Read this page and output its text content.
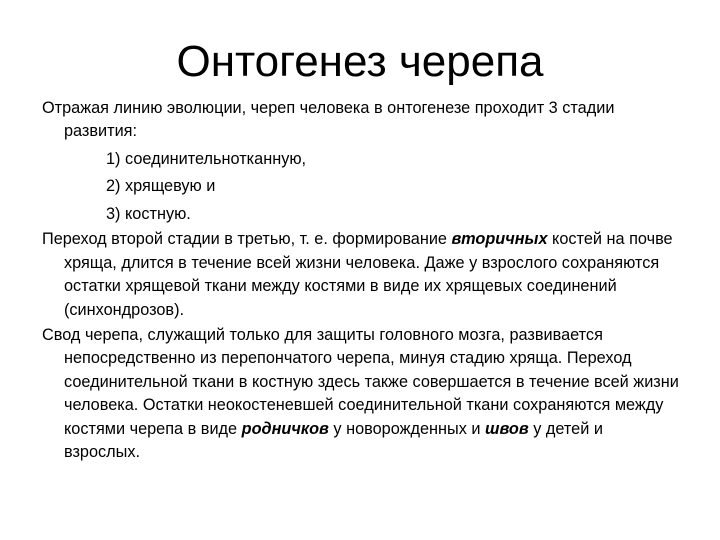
Онтогенез черепа

Отражая линию эволюции, череп человека в онтогенезе проходит 3 стадии развития:

1) соединительнотканную,

2) хрящевую и

3) костную.

Переход второй стадии в третью, т. е. формирование вторичных костей на почве хряща, длится в течение всей жизни человека. Даже у взрослого сохраняются остатки хрящевой ткани между костями в виде их хрящевых соединений (синхондрозов).

Свод черепа, служащий только для защиты головного мозга, развивается непосредственно из перепончатого черепа, минуя стадию хряща. Переход соединительной ткани в костную здесь также совершается в течение всей жизни человека. Остатки неокостеневшей соединительной ткани сохраняются между костями черепа в виде родничков у новорожденных и швов у детей и взрослых.
